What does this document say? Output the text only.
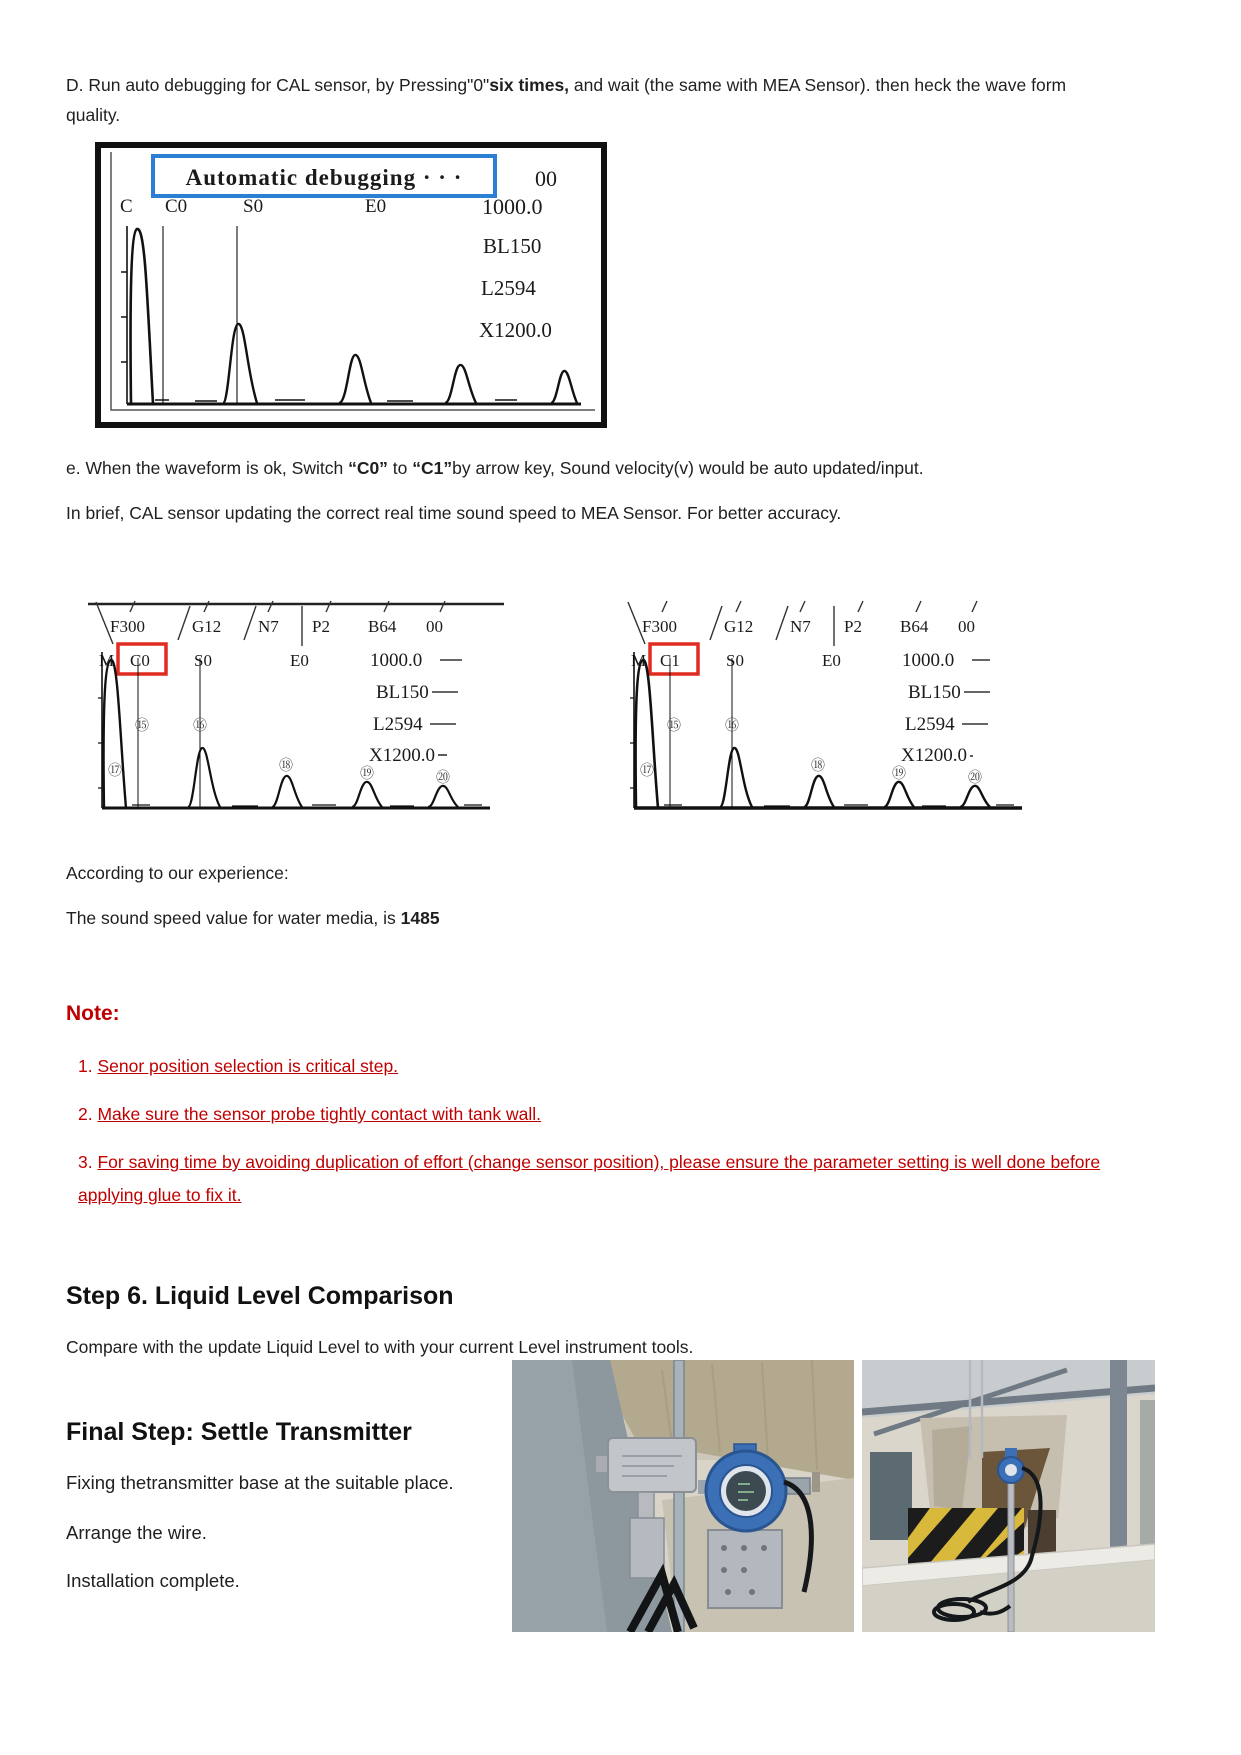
D. Run auto debugging for CAL sensor, by Pressing"0"six times, and wait (the same with MEA Sensor). then heck the wave form quality.
Automatic debugging · · ·	00
C C0	S0	E0	1000.0
BL150
L2594
X1200.0
e. When the waveform is ok, Switch “C0” to “C1”by arrow key, Sound velocity(v) would be auto updated/input.
In brief, CAL sensor updating the correct real time sound speed to MEA Sensor. For better accuracy.
F300	G12 N7 P2 B64 00
M C0	S0	E0	1000.0
BL150
L2594
X1200.0
⑮	⑯
⑰	⑱	⑲	⑳
F300	G12 N7 P2 B64 00
M C1	S0	E0	1000.0
BL150
L2594
X1200.0
⑮	⑯
⑰	⑱	⑲	⑳
According to our experience:
The sound speed value for water media, is 1485
Note:
1. Senor position selection is critical step.
2. Make sure the sensor probe tightly contact with tank wall.
3. For saving time by avoiding duplication of effort (change sensor position), please ensure the parameter setting is well done before applying glue to fix it.
Step 6. Liquid Level Comparison
Compare with the update Liquid Level to with your current Level instrument tools.
Final Step: Settle Transmitter
Fixing thetransmitter base at the suitable place.
Arrange the wire.
Installation complete.
